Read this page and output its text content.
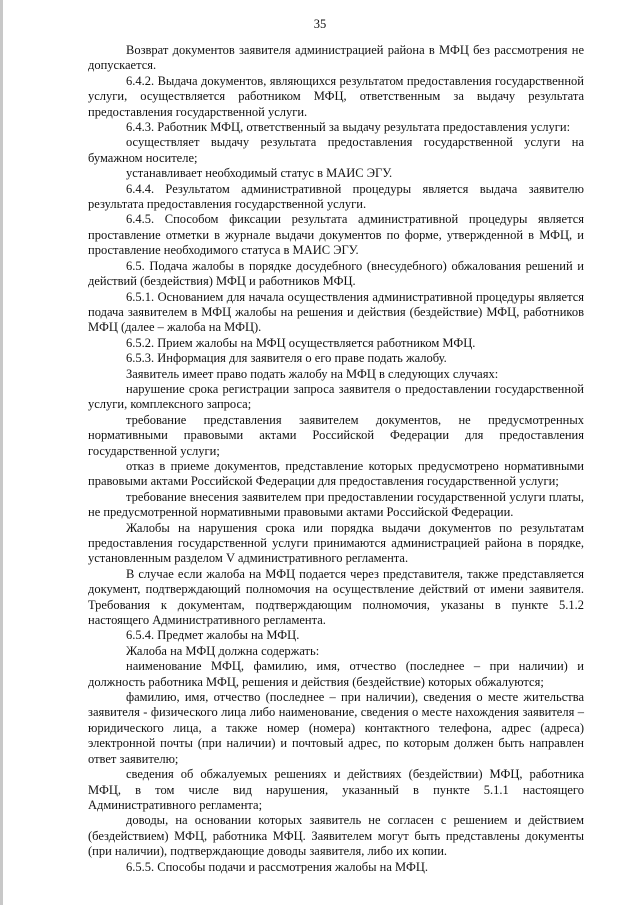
35

Возврат документов заявителя администрацией района в МФЦ без рассмотрения не допускается.

6.4.2. Выдача документов, являющихся результатом предоставления государственной услуги, осуществляется работником МФЦ, ответственным за выдачу результата предоставления государственной услуги.

6.4.3. Работник МФЦ, ответственный за выдачу результата предоставления услуги:

осуществляет выдачу результата предоставления государственной услуги на бумажном носителе;

устанавливает необходимый статус в МАИС ЭГУ.

6.4.4. Результатом административной процедуры является выдача заявителю результата предоставления государственной услуги.

6.4.5. Способом фиксации результата административной процедуры является проставление отметки в журнале выдачи документов по форме, утвержденной в МФЦ, и проставление необходимого статуса в МАИС ЭГУ.

6.5. Подача жалобы в порядке досудебного (внесудебного) обжалования решений и действий (бездействия) МФЦ и работников МФЦ.

6.5.1. Основанием для начала осуществления административной процедуры является подача заявителем в МФЦ жалобы на решения и действия (бездействие) МФЦ, работников МФЦ (далее – жалоба на МФЦ).

6.5.2. Прием жалобы на МФЦ осуществляется работником МФЦ.

6.5.3. Информация для заявителя о его праве подать жалобу.

Заявитель имеет право подать жалобу на МФЦ в следующих случаях:

нарушение срока регистрации запроса заявителя о предоставлении государственной услуги, комплексного запроса;

требование представления заявителем документов, не предусмотренных нормативными правовыми актами Российской Федерации для предоставления государственной услуги;

отказ в приеме документов, представление которых предусмотрено нормативными правовыми актами Российской Федерации для предоставления государственной услуги;

требование внесения заявителем при предоставлении государственной услуги платы, не предусмотренной нормативными правовыми актами Российской Федерации.

Жалобы на нарушения срока или порядка выдачи документов по результатам предоставления государственной услуги принимаются администрацией района в порядке, установленным разделом V административного регламента.

В случае если жалоба на МФЦ подается через представителя, также представляется документ, подтверждающий полномочия на осуществление действий от имени заявителя. Требования к документам, подтверждающим полномочия, указаны в пункте 5.1.2 настоящего Административного регламента.

6.5.4. Предмет жалобы на МФЦ.

Жалоба на МФЦ должна содержать:

наименование МФЦ, фамилию, имя, отчество (последнее – при наличии) и должность работника МФЦ, решения и действия (бездействие) которых обжалуются;

фамилию, имя, отчество (последнее – при наличии), сведения о месте жительства заявителя - физического лица либо наименование, сведения о месте нахождения заявителя – юридического лица, а также номер (номера) контактного телефона, адрес (адреса) электронной почты (при наличии) и почтовый адрес, по которым должен быть направлен ответ заявителю;

сведения об обжалуемых решениях и действиях (бездействии) МФЦ, работника МФЦ, в том числе вид нарушения, указанный в пункте 5.1.1 настоящего Административного регламента;

доводы, на основании которых заявитель не согласен с решением и действием (бездействием) МФЦ, работника МФЦ. Заявителем могут быть представлены документы (при наличии), подтверждающие доводы заявителя, либо их копии.

6.5.5. Способы подачи и рассмотрения жалобы на МФЦ.
